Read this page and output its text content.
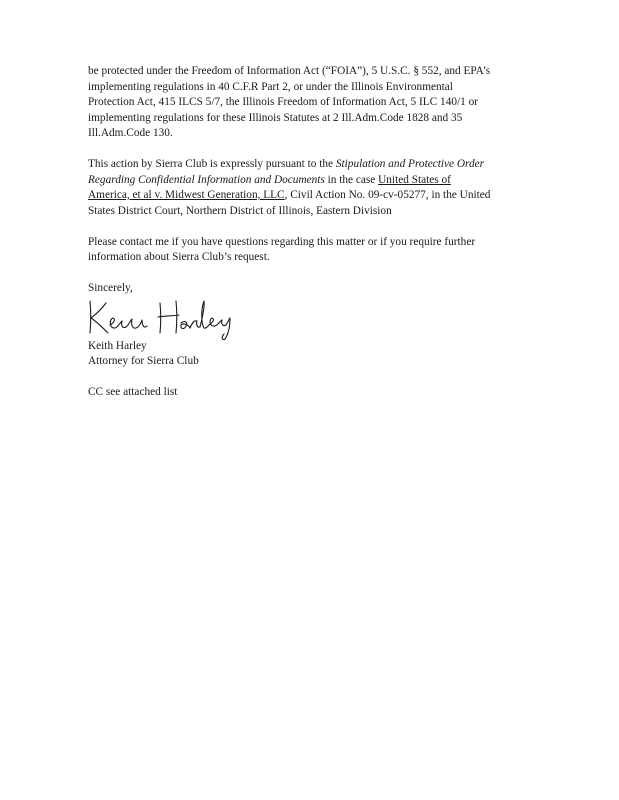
be protected under the Freedom of Information Act (“FOIA”), 5 U.S.C. § 552, and EPA’s
implementing regulations in 40 C.F.R Part 2, or under the Illinois Environmental
Protection Act, 415 ILCS 5/7, the Illinois Freedom of Information Act, 5 ILC 140/1 or
implementing regulations for these Illinois Statutes at 2 Ill.Adm.Code 1828 and 35
Ill.Adm.Code 130.

This action by Sierra Club is expressly pursuant to the Stipulation and Protective Order
Regarding Confidential Information and Documents in the case United States of
America, et al v. Midwest Generation, LLC, Civil Action No. 09-cv-05277, in the United
States District Court, Northern District of Illinois, Eastern Division

Please contact me if you have questions regarding this matter or if you require further
information about Sierra Club’s request.

Sincerely,

Keith Harley
Attorney for Sierra Club

CC see attached list
